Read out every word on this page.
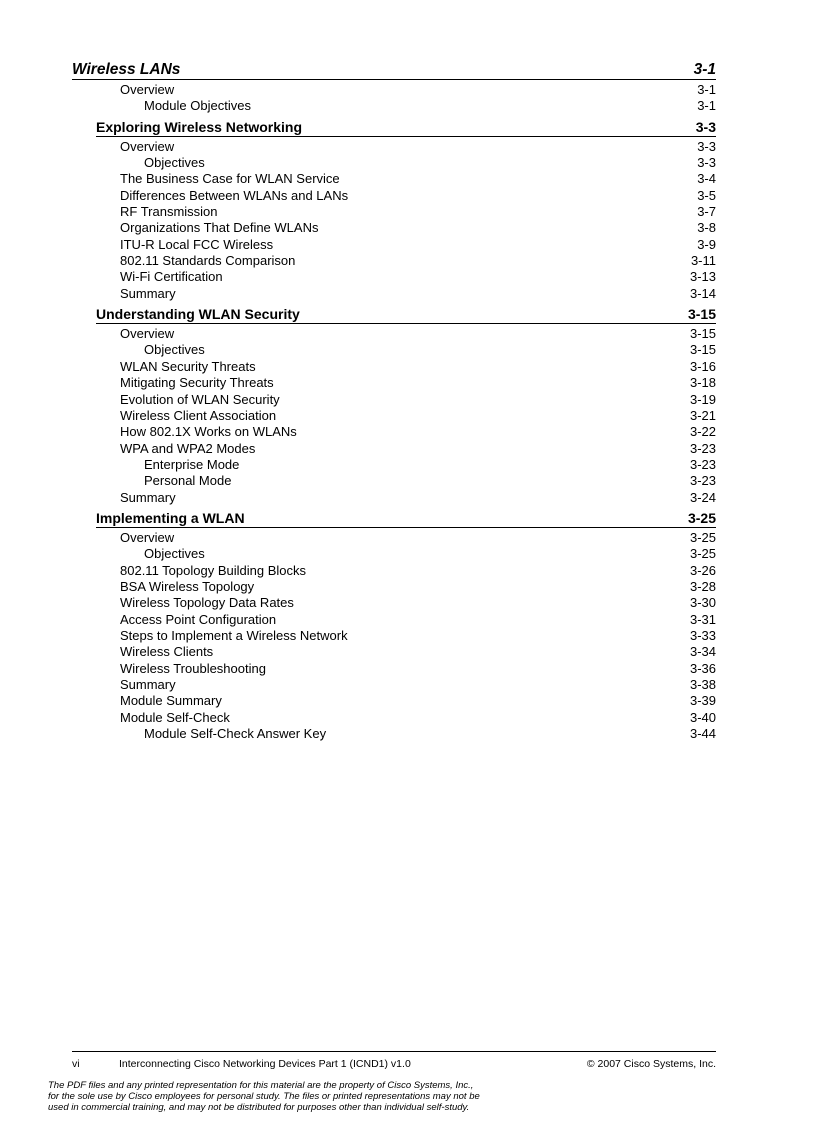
Wireless LANs	3-1
Overview	3-1
Module Objectives	3-1
Exploring Wireless Networking	3-3
Overview	3-3
Objectives	3-3
The Business Case for WLAN Service	3-4
Differences Between WLANs and LANs	3-5
RF Transmission	3-7
Organizations That Define WLANs	3-8
ITU-R Local FCC Wireless	3-9
802.11 Standards Comparison	3-11
Wi-Fi Certification	3-13
Summary	3-14
Understanding WLAN Security	3-15
Overview	3-15
Objectives	3-15
WLAN Security Threats	3-16
Mitigating Security Threats	3-18
Evolution of WLAN Security	3-19
Wireless Client Association	3-21
How 802.1X Works on WLANs	3-22
WPA and WPA2 Modes	3-23
Enterprise Mode	3-23
Personal Mode	3-23
Summary	3-24
Implementing a WLAN	3-25
Overview	3-25
Objectives	3-25
802.11 Topology Building Blocks	3-26
BSA Wireless Topology	3-28
Wireless Topology Data Rates	3-30
Access Point Configuration	3-31
Steps to Implement a Wireless Network	3-33
Wireless Clients	3-34
Wireless Troubleshooting	3-36
Summary	3-38
Module Summary	3-39
Module Self-Check	3-40
Module Self-Check Answer Key	3-44
vi	Interconnecting Cisco Networking Devices Part 1 (ICND1) v1.0	© 2007 Cisco Systems, Inc.
The PDF files and any printed representation for this material are the property of Cisco Systems, Inc.,
for the sole use by Cisco employees for personal study. The files or printed representations may not be
used in commercial training, and may not be distributed for purposes other than individual self-study.
